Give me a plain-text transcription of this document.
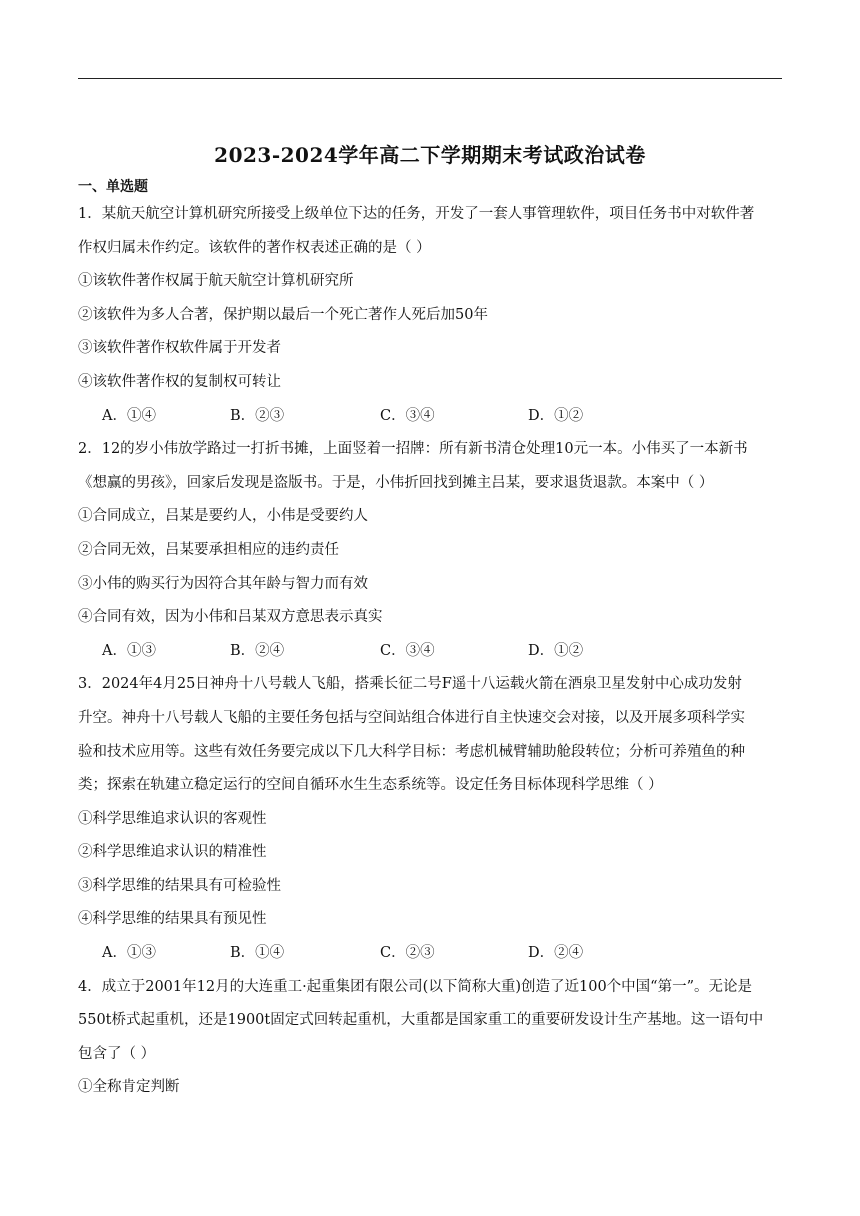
2023-2024学年高二下学期期末考试政治试卷
一、单选题
1．某航天航空计算机研究所接受上级单位下达的任务，开发了一套人事管理软件，项目任务书中对软件著
作权归属未作约定。该软件的著作权表述正确的是（ ）
①该软件著作权属于航天航空计算机研究所
②该软件为多人合著，保护期以最后一个死亡著作人死后加50年
③该软件著作权软件属于开发者
④该软件著作权的复制权可转让
A．①④	B．②③	C．③④	D．①②
2．12的岁小伟放学路过一打折书摊，上面竖着一招牌：所有新书清仓处理10元一本。小伟买了一本新书
《想赢的男孩》，回家后发现是盗版书。于是，小伟折回找到摊主吕某，要求退货退款。本案中（ ）
①合同成立，吕某是要约人，小伟是受要约人
②合同无效，吕某要承担相应的违约责任
③小伟的购买行为因符合其年龄与智力而有效
④合同有效，因为小伟和吕某双方意思表示真实
A．①③	B．②④	C．③④	D．①②
3．2024年4月25日神舟十八号载人飞船，搭乘长征二号F遥十八运载火箭在酒泉卫星发射中心成功发射
升空。神舟十八号载人飞船的主要任务包括与空间站组合体进行自主快速交会对接，以及开展多项科学实
验和技术应用等。这些有效任务要完成以下几大科学目标：考虑机械臂辅助舱段转位；分析可养殖鱼的种
类；探索在轨建立稳定运行的空间自循环水生生态系统等。设定任务目标体现科学思维（ ）
①科学思维追求认识的客观性
②科学思维追求认识的精准性
③科学思维的结果具有可检验性
④科学思维的结果具有预见性
A．①③	B．①④	C．②③	D．②④
4．成立于2001年12月的大连重工·起重集团有限公司(以下简称大重)创造了近100个中国“第一”。无论是
550t桥式起重机，还是1900t固定式回转起重机，大重都是国家重工的重要研发设计生产基地。这一语句中
包含了（ ）
①全称肯定判断
